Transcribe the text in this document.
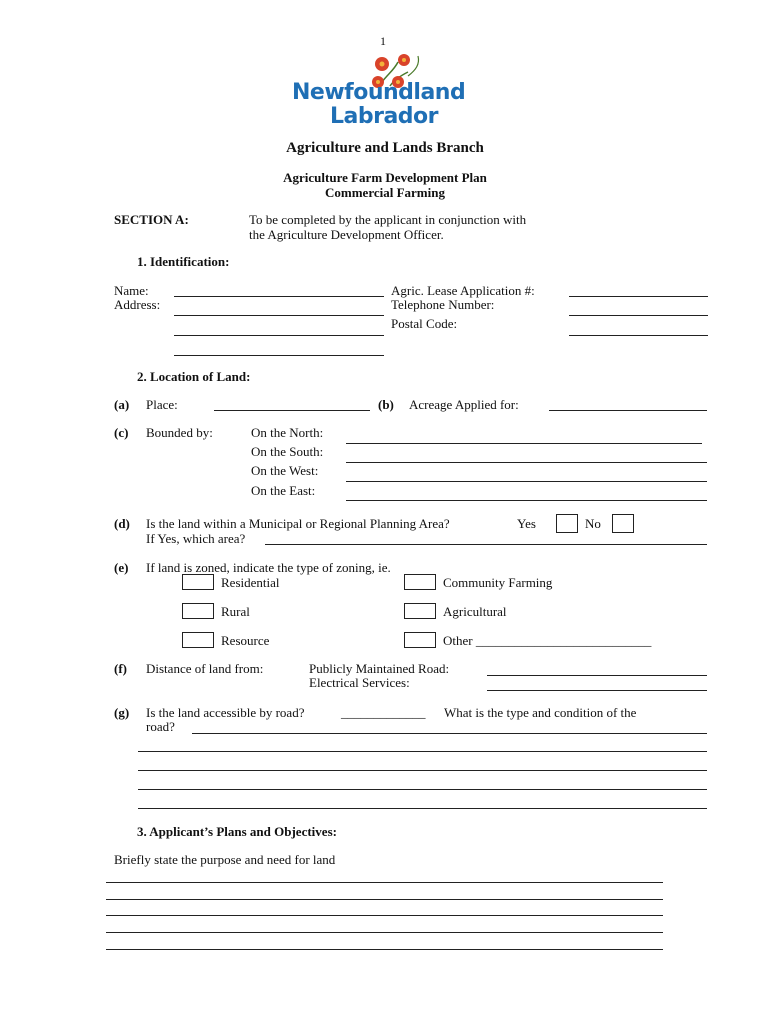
1
Newfoundland
Labrador
Agriculture and Lands Branch
Agriculture Farm Development Plan
Commercial Farming
SECTION A:	To be completed by the applicant in conjunction with
the Agriculture Development Officer.
1. Identification:
Name:
Address:
Agric. Lease Application #:
Telephone Number:
Postal Code:
2. Location of Land:
(a) Place:	(b) Acreage Applied for:
(c) Bounded by:	On the North:
On the South:
On the West:
On the East:
(d) Is the land within a Municipal or Regional Planning Area?	Yes	No
If Yes, which area?
(e) If land is zoned, indicate the type of zoning, ie.
Residential	Community Farming
Rural	Agricultural
Resource	Other ___________________________
(f) Distance of land from:	Publicly Maintained Road:
Electrical Services:
(g) Is the land accessible by road?	_____________ What is the type and condition of the
road?
3. Applicant’s Plans and Objectives:
Briefly state the purpose and need for land
